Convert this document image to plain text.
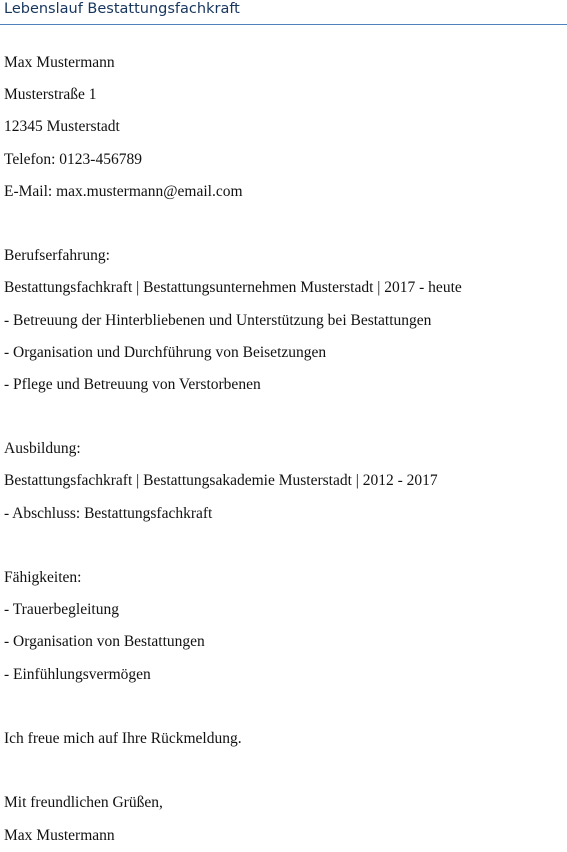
Lebenslauf Bestattungsfachkraft
Max Mustermann
Musterstraße 1
12345 Musterstadt
Telefon: 0123-456789
E-Mail: max.mustermann@email.com
Berufserfahrung:
Bestattungsfachkraft | Bestattungsunternehmen Musterstadt | 2017 - heute
- Betreuung der Hinterbliebenen und Unterstützung bei Bestattungen
- Organisation und Durchführung von Beisetzungen
- Pflege und Betreuung von Verstorbenen
Ausbildung:
Bestattungsfachkraft | Bestattungsakademie Musterstadt | 2012 - 2017
- Abschluss: Bestattungsfachkraft
Fähigkeiten:
- Trauerbegleitung
- Organisation von Bestattungen
- Einfühlungsvermögen
Ich freue mich auf Ihre Rückmeldung.
Mit freundlichen Grüßen,
Max Mustermann
